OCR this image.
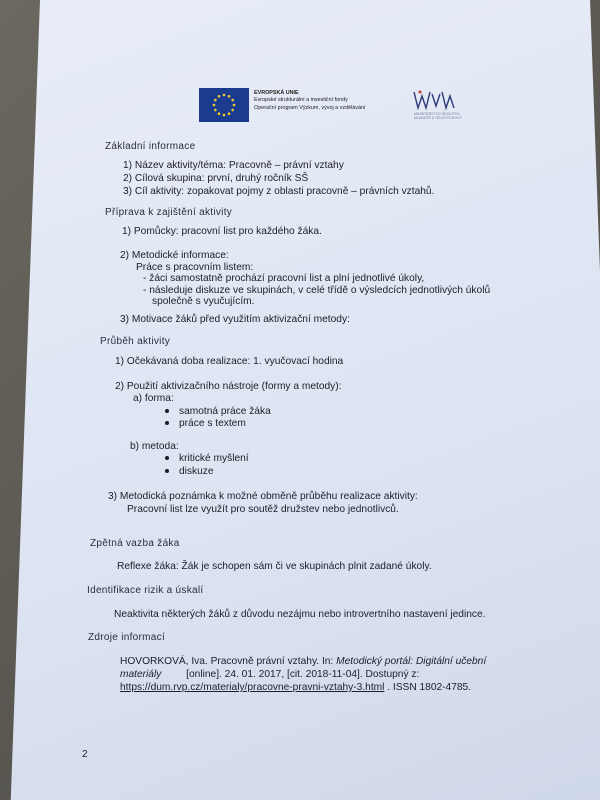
EVROPSKÁ UNIE
Evropské strukturální a investiční fondy
Operační program Výzkum, vývoj a vzdělávání
MINISTERSTVO ŠKOLSTVÍ,
MLÁDEŽE A TĚLOVÝCHOVY
Základní informace
1) Název aktivity/téma: Pracovně – právní vztahy
2) Cílová skupina: první, druhý ročník SŠ
3) Cíl aktivity: zopakovat pojmy z oblasti pracovně – právních vztahů.
Příprava k zajištění aktivity
1) Pomůcky: pracovní list pro každého žáka.
2) Metodické informace:
Práce s pracovním listem:
- žáci samostatně prochází pracovní list a plní jednotlivé úkoly,
- následuje diskuze ve skupinách, v celé třídě o výsledcích jednotlivých úkolů
společně s vyučujícím.
3) Motivace žáků před využitím aktivizační metody:
Průběh aktivity
1) Očekávaná doba realizace: 1. vyučovací hodina
2) Použití aktivizačního nástroje (formy a metody):
a) forma:
samotná práce žáka
práce s textem
b) metoda:
kritické myšlení
diskuze
3) Metodická poznámka k možné obměně průběhu realizace aktivity:
Pracovní list lze využít pro soutěž družstev nebo jednotlivců.
Zpětná vazba žáka
Reflexe žáka: Žák je schopen sám či ve skupinách plnit zadané úkoly.
Identifikace rizik a úskalí
Neaktivita některých žáků z důvodu nezájmu nebo introvertního nastavení jedince.
Zdroje informací
HOVORKOVÁ, Iva. Pracovně právní vztahy. In: Metodický portál: Digitální učební
materiály [online]. 24. 01. 2017, [cit. 2018-11-04]. Dostupný z:
https://dum.rvp.cz/materialy/pracovne-pravni-vztahy-3.html . ISSN 1802-4785.
2
